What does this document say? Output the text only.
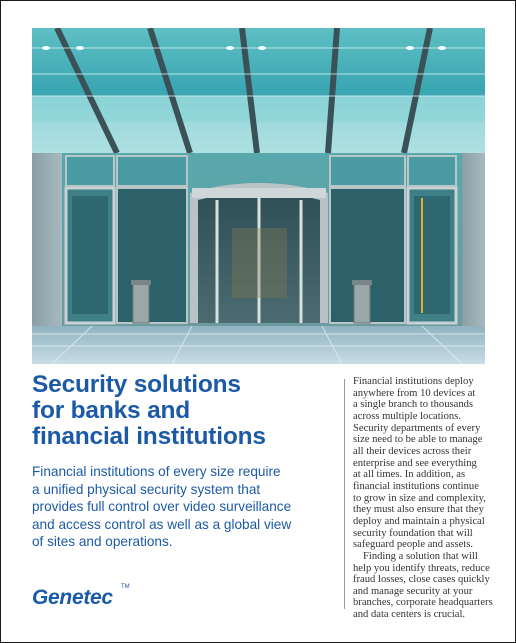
Security solutions
for banks and
financial institutions

Financial institutions of every size require
a unified physical security system that
provides full control over video surveillance
and access control as well as a global view
of sites and operations.

Genetec TM
Financial institutions deploy
anywhere from 10 devices at
a single branch to thousands
across multiple locations.
Security departments of every
size need to be able to manage
all their devices across their
enterprise and see everything
at all times. In addition, as
financial institutions continue
to grow in size and complexity,
they must also ensure that they
deploy and maintain a physical
security foundation that will
safeguard people and assets.
Finding a solution that will
help you identify threats, reduce
fraud losses, close cases quickly
and manage security at your
branches, corporate headquarters
and data centers is crucial.
